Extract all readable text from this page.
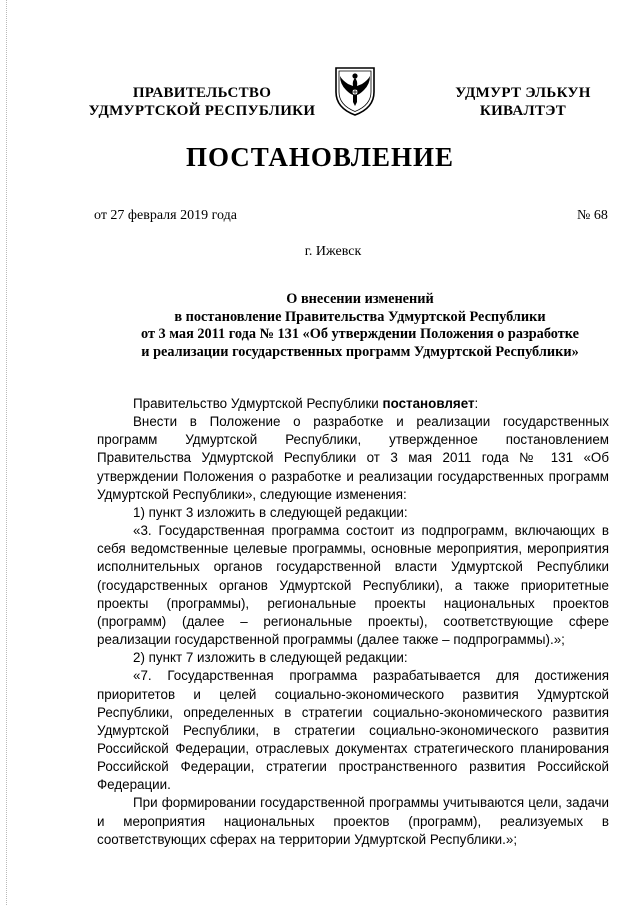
ПРАВИТЕЛЬСТВО
УДМУРТСКОЙ РЕСПУБЛИКИ
УДМУРТ ЭЛЬКУН
КИВАЛТЭТ
ПОСТАНОВЛЕНИЕ
от 27 февраля 2019 года	№ 68
г. Ижевск
О внесении изменений
в постановление Правительства Удмуртской Республики
от 3 мая 2011 года № 131 «Об утверждении Положения о разработке
и реализации государственных программ Удмуртской Республики»

Правительство Удмуртской Республики постановляет:

Внести в Положение о разработке и реализации государственных программ Удмуртской Республики, утвержденное постановлением Правительства Удмуртской Республики от 3 мая 2011 года № 131 «Об утверждении Положения о разработке и реализации государственных программ Удмуртской Республики», следующие изменения:

1) пункт 3 изложить в следующей редакции:

«3. Государственная программа состоит из подпрограмм, включающих в себя ведомственные целевые программы, основные мероприятия, мероприятия исполнительных органов государственной власти Удмуртской Республики (государственных органов Удмуртской Республики), а также приоритетные проекты (программы), региональные проекты национальных проектов (программ) (далее – региональные проекты), соответствующие сфере реализации государственной программы (далее также – подпрограммы).»;

2) пункт 7 изложить в следующей редакции:

«7. Государственная программа разрабатывается для достижения приоритетов и целей социально-экономического развития Удмуртской Республики, определенных в стратегии социально-экономического развития Удмуртской Республики, в стратегии социально-экономического развития Российской Федерации, отраслевых документах стратегического планирования Российской Федерации, стратегии пространственного развития Российской Федерации.

При формировании государственной программы учитываются цели, задачи и мероприятия национальных проектов (программ), реализуемых в соответствующих сферах на территории Удмуртской Республики.»;
